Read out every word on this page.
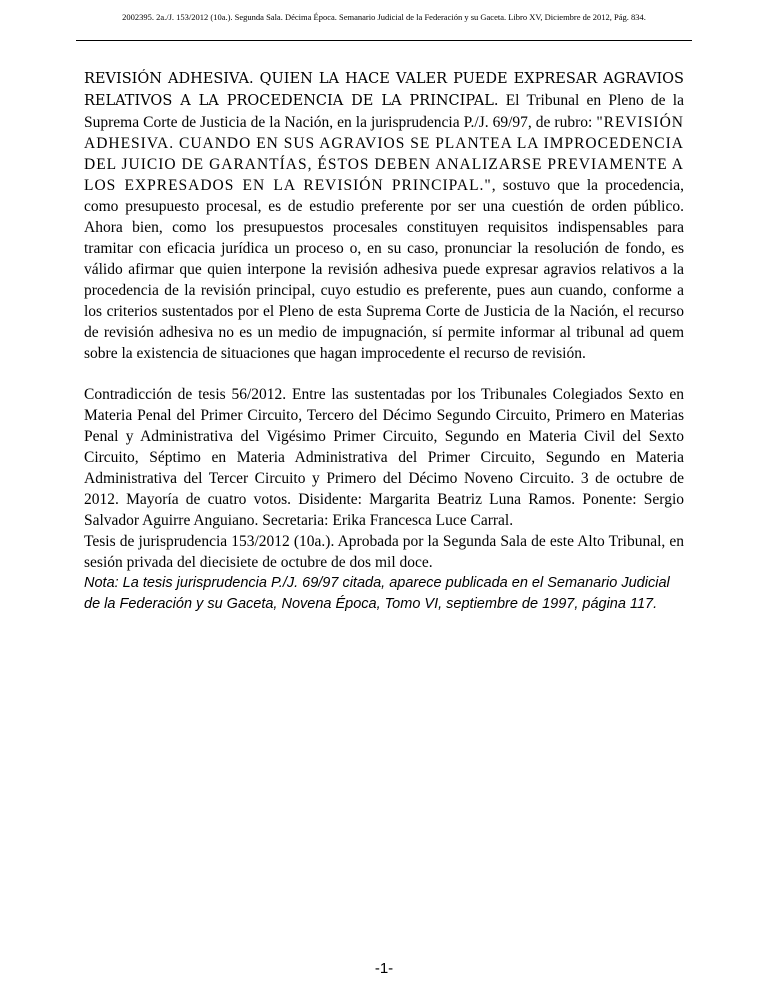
2002395. 2a./J. 153/2012 (10a.). Segunda Sala. Décima Época. Semanario Judicial de la Federación y su Gaceta. Libro XV, Diciembre de 2012, Pág. 834.

REVISIÓN ADHESIVA. QUIEN LA HACE VALER PUEDE EXPRESAR AGRAVIOS RELATIVOS A LA PROCEDENCIA DE LA PRINCIPAL. El Tribunal en Pleno de la Suprema Corte de Justicia de la Nación, en la jurisprudencia P./J. 69/97, de rubro: "REVISIÓN ADHESIVA. CUANDO EN SUS AGRAVIOS SE PLANTEA LA IMPROCEDENCIA DEL JUICIO DE GARANTÍAS, ÉSTOS DEBEN ANALIZARSE PREVIAMENTE A LOS EXPRESADOS EN LA REVISIÓN PRINCIPAL.", sostuvo que la procedencia, como presupuesto procesal, es de estudio preferente por ser una cuestión de orden público. Ahora bien, como los presupuestos procesales constituyen requisitos indispensables para tramitar con eficacia jurídica un proceso o, en su caso, pronunciar la resolución de fondo, es válido afirmar que quien interpone la revisión adhesiva puede expresar agravios relativos a la procedencia de la revisión principal, cuyo estudio es preferente, pues aun cuando, conforme a los criterios sustentados por el Pleno de esta Suprema Corte de Justicia de la Nación, el recurso de revisión adhesiva no es un medio de impugnación, sí permite informar al tribunal ad quem sobre la existencia de situaciones que hagan improcedente el recurso de revisión.

Contradicción de tesis 56/2012. Entre las sustentadas por los Tribunales Colegiados Sexto en Materia Penal del Primer Circuito, Tercero del Décimo Segundo Circuito, Primero en Materias Penal y Administrativa del Vigésimo Primer Circuito, Segundo en Materia Civil del Sexto Circuito, Séptimo en Materia Administrativa del Primer Circuito, Segundo en Materia Administrativa del Tercer Circuito y Primero del Décimo Noveno Circuito. 3 de octubre de 2012. Mayoría de cuatro votos. Disidente: Margarita Beatriz Luna Ramos. Ponente: Sergio Salvador Aguirre Anguiano. Secretaria: Erika Francesca Luce Carral.

Tesis de jurisprudencia 153/2012 (10a.). Aprobada por la Segunda Sala de este Alto Tribunal, en sesión privada del diecisiete de octubre de dos mil doce.

Nota: La tesis jurisprudencia P./J. 69/97 citada, aparece publicada en el Semanario Judicial de la Federación y su Gaceta, Novena Época, Tomo VI, septiembre de 1997, página 117.

-1-
